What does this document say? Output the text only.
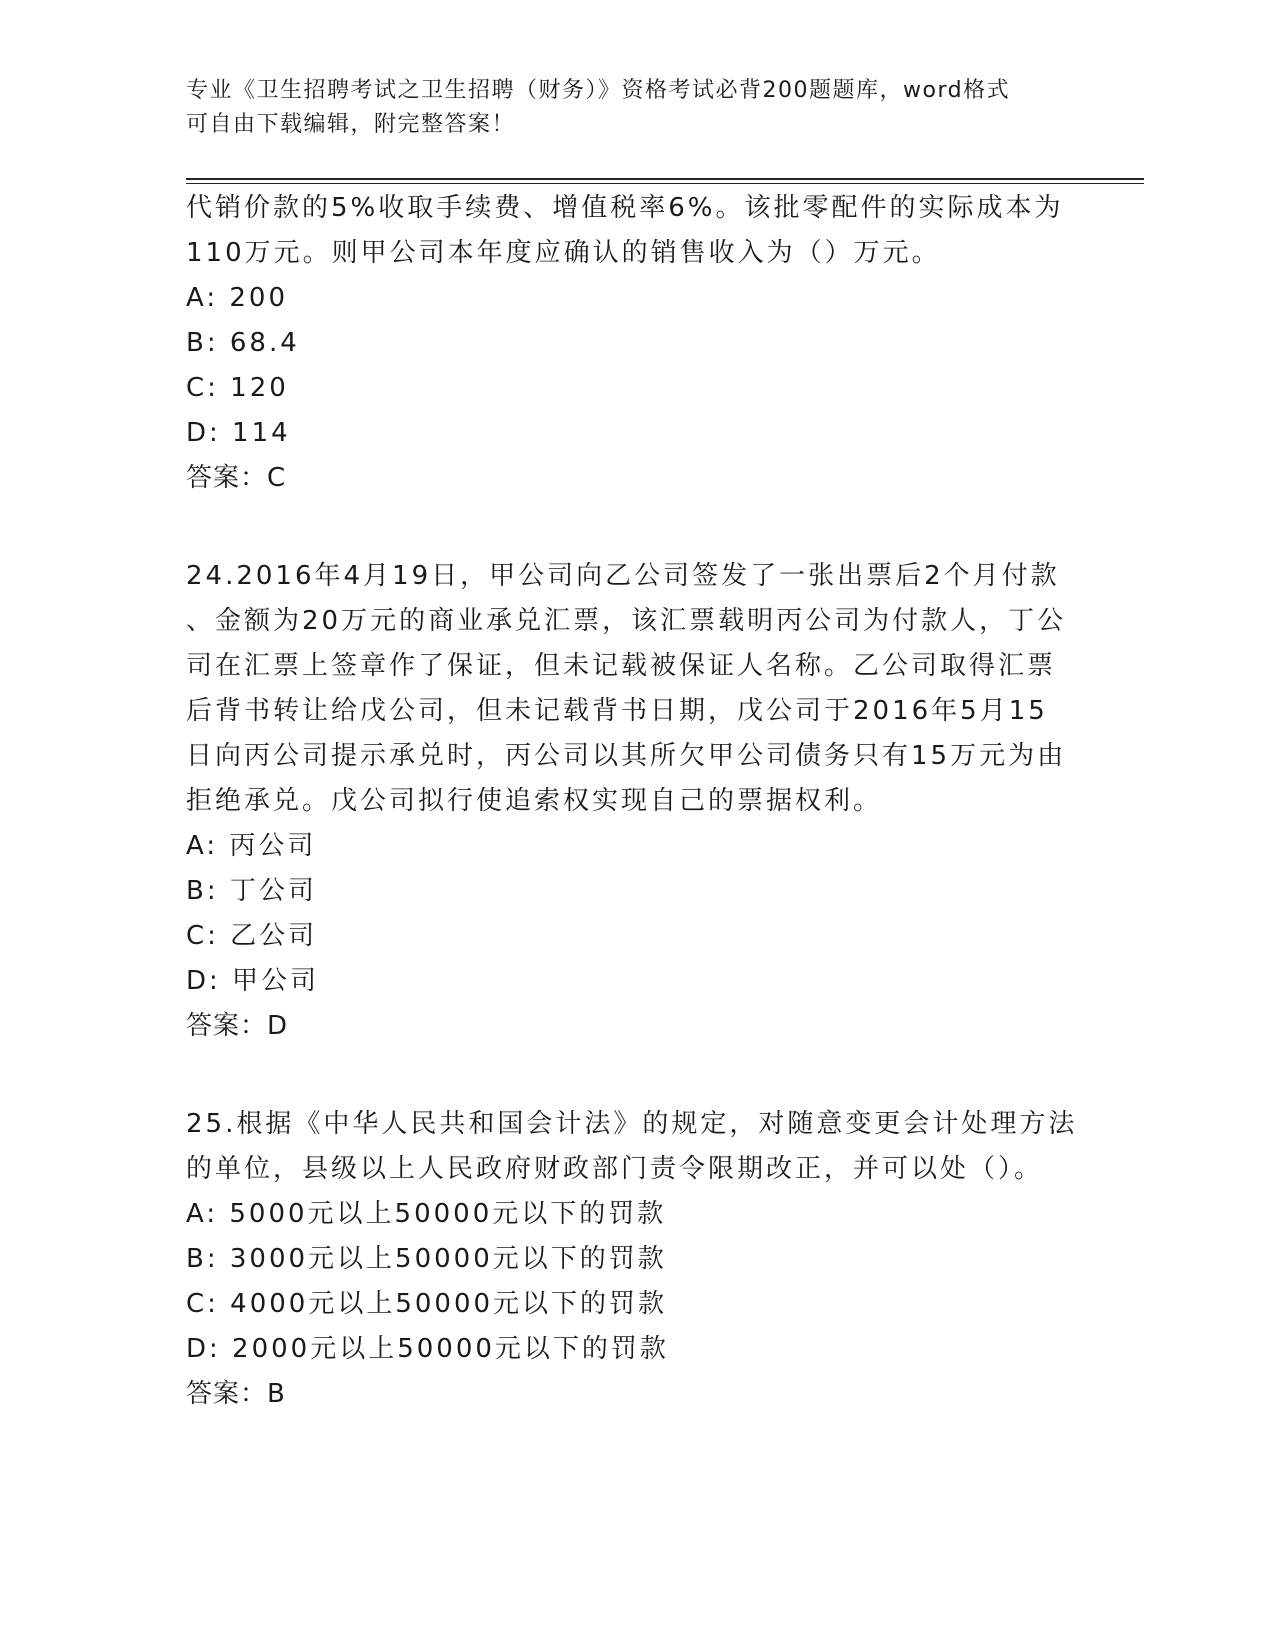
专业《卫生招聘考试之卫生招聘（财务）》资格考试必背200题题库，word格式
可自由下载编辑，附完整答案！
代销价款的5%收取手续费、增值税率6%。该批零配件的实际成本为
110万元。则甲公司本年度应确认的销售收入为（）万元。
A: 200
B: 68.4
C: 120
D: 114
答案：C
24.2016年4月19日，甲公司向乙公司签发了一张出票后2个月付款
、金额为20万元的商业承兑汇票，该汇票载明丙公司为付款人，丁公
司在汇票上签章作了保证，但未记载被保证人名称。乙公司取得汇票
后背书转让给戊公司，但未记载背书日期，戊公司于2016年5月15
日向丙公司提示承兑时，丙公司以其所欠甲公司债务只有15万元为由
拒绝承兑。戊公司拟行使追索权实现自己的票据权利。
A: 丙公司
B: 丁公司
C: 乙公司
D: 甲公司
答案：D
25.根据《中华人民共和国会计法》的规定，对随意变更会计处理方法
的单位，县级以上人民政府财政部门责令限期改正，并可以处（）。
A: 5000元以上50000元以下的罚款
B: 3000元以上50000元以下的罚款
C: 4000元以上50000元以下的罚款
D: 2000元以上50000元以下的罚款
答案：B
